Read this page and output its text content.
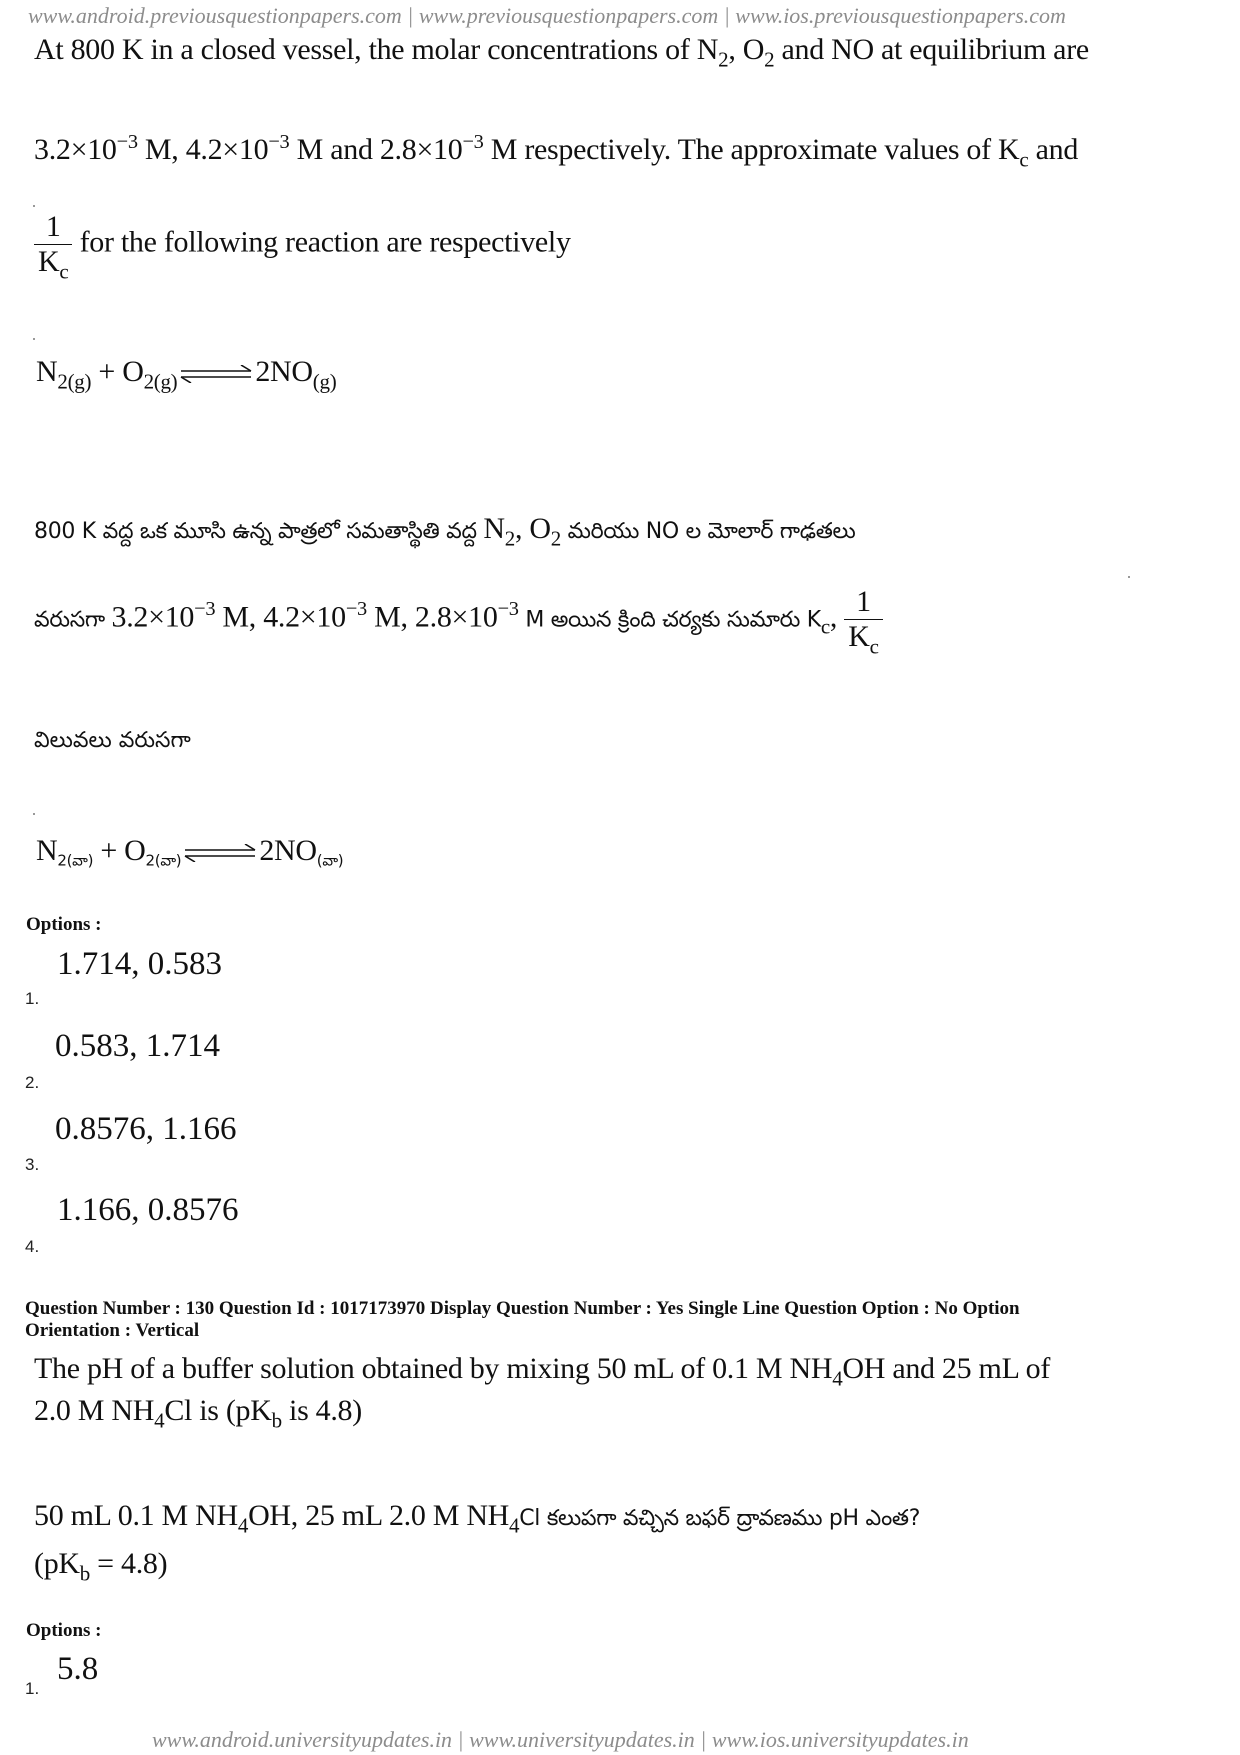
www.android.previousquestionpapers.com | www.previousquestionpapers.com | www.ios.previousquestionpapers.com
At 800 K in a closed vessel, the molar concentrations of $N_2$, $O_2$ and NO at equilibrium are
$3.2\times 10^{-3}$ M, $4.2\times 10^{-3}$ M and $2.8\times 10^{-3}$ M respectively. The approximate values of $K_c$ and
$\frac{1}{K_c}$ for the following reaction are respectively
$N_{2(g)} + O_{2(g)}$ ⇌ $2NO_{(g)}$
800 K వద్ద ఒక మూసి ఉన్న పాత్రలో సమతాస్థితి వద్ద $N_2$, $O_2$ మరియు NO ల మోలార్ గాఢతలు
వరుసగా $3.2\times 10^{-3}$ M, $4.2\times 10^{-3}$ M, $2.8\times 10^{-3}$ M అయిన క్రింది చర్యకు సుమారు $K_c$, $\frac{1}{K_c}$
విలువలు వరుసగా
$N_{2(వా)} + O_{2(వా)}$	$2NO_{(వా)}$
Options :
1.714, 0.583
1.
0.583, 1.714
2.
0.8576, 1.166
3.
1.166, 0.8576
4.
Question Number : 130 Question Id : 1017173970 Display Question Number : Yes Single Line Question Option : No Option
Orientation : Vertical
The pH of a buffer solution obtained by mixing 50 mL of 0.1 M $NH_4OH$ and 25 mL of
2.0 M $NH_4Cl$ is ($pK_b$ is 4.8)
50 mL 0.1 M $NH_4OH$, 25 mL 2.0 M $NH_4Cl$ కలుపగా వచ్చిన బఫర్ ద్రావణము pH ఎంత?
$(pK_b = 4.8)$
Options :
5.8
1.
www.android.universityupdates.in | www.universityupdates.in | www.ios.universityupdates.in
